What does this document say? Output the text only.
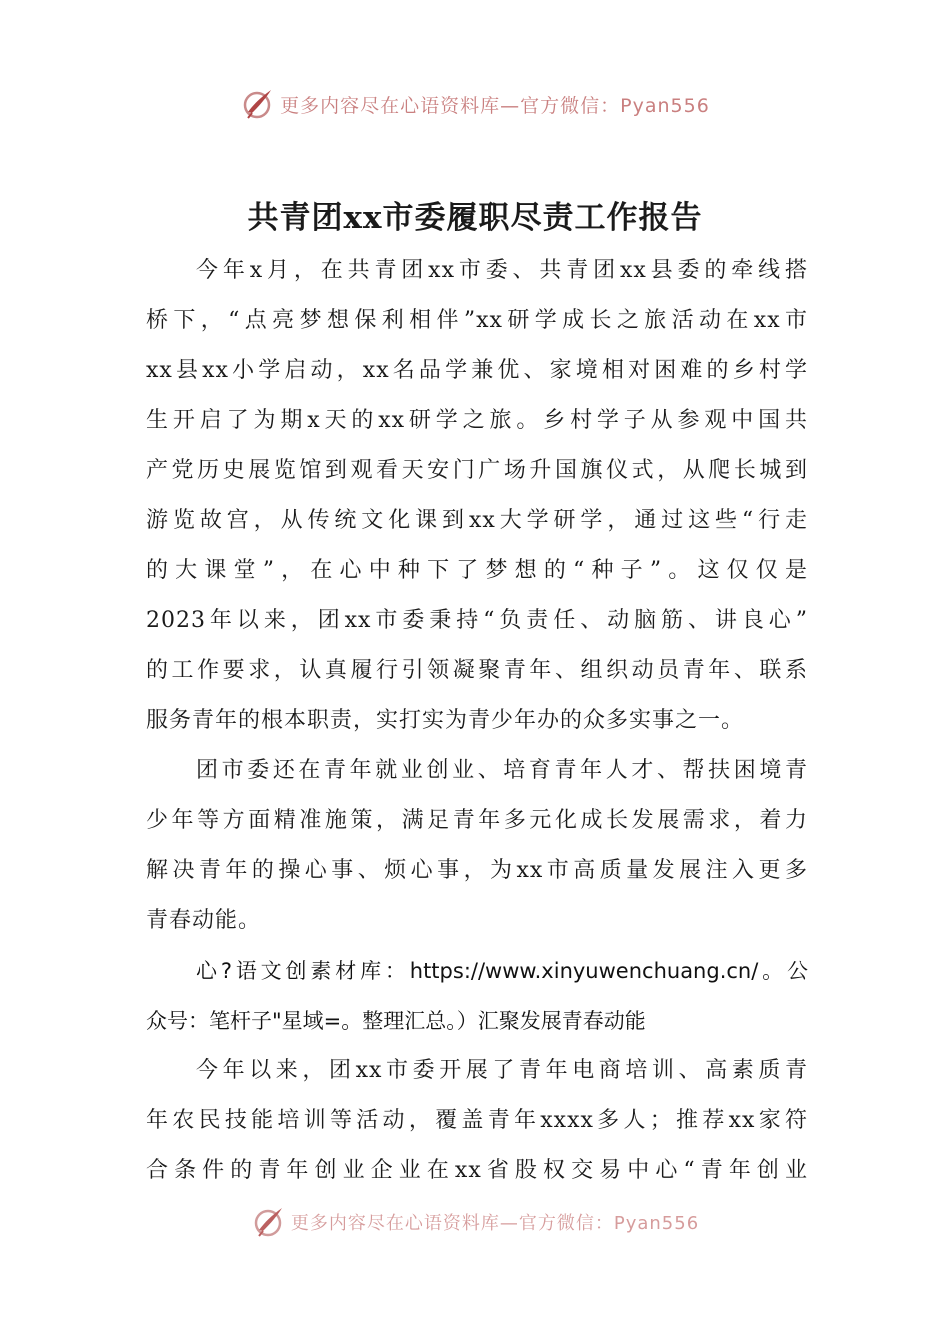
更多内容尽在心语资料库—官方微信：Pyan556
共青团xx市委履职尽责工作报告
今年x月，在共青团xx市委、共青团xx县委的牵线搭
桥下，“点亮梦想保利相伴”xx研学成长之旅活动在xx市
xx县xx小学启动，xx名品学兼优、家境相对困难的乡村学
生开启了为期x天的xx研学之旅。乡村学子从参观中国共
产党历史展览馆到观看天安门广场升国旗仪式，从爬长城到
游览故宫，从传统文化课到xx大学研学，通过这些“行走
的大课堂”，在心中种下了梦想的“种子”。这仅仅是
2023年以来，团xx市委秉持“负责任、动脑筋、讲良心”
的工作要求，认真履行引领凝聚青年、组织动员青年、联系
服务青年的根本职责，实打实为青少年办的众多实事之一。
团市委还在青年就业创业、培育青年人才、帮扶困境青
少年等方面精准施策，满足青年多元化成长发展需求，着力
解决青年的操心事、烦心事，为xx市高质量发展注入更多
青春动能。
心?语文创素材库：https://www.xinyuwenchuang.cn/。公
众号：笔杆子"星域=。整理汇总。）汇聚发展青春动能
今年以来，团xx市委开展了青年电商培训、高素质青
年农民技能培训等活动，覆盖青年xxxx多人；推荐xx家符
合条件的青年创业企业在xx省股权交易中心“青年创业
更多内容尽在心语资料库—官方微信：Pyan556
